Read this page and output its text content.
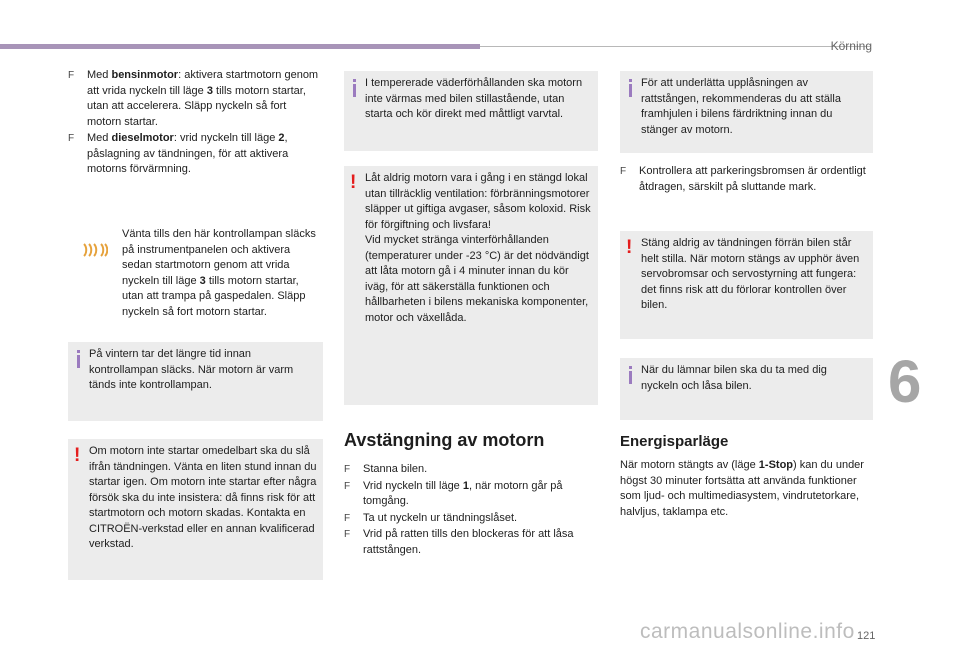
Körning
6
121
carmanualsonline.info
F	Med bensinmotor: aktivera startmotorn genom att vrida nyckeln till läge 3 tills motorn startar, utan att accelerera. Släpp nyckeln så fort motorn startar.
F	Med dieselmotor: vrid nyckeln till läge 2, påslagning av tändningen, för att aktivera motorns förvärmning.
Vänta tills den här kontrollampan släcks på instrumentpanelen och aktivera sedan startmotorn genom att vrida nyckeln till läge 3 tills motorn startar, utan att trampa på gaspedalen. Släpp nyckeln så fort motorn startar.
På vintern tar det längre tid innan kontrollampan släcks. När motorn är varm tänds inte kontrollampan.
! Om motorn inte startar omedelbart ska du slå ifrån tändningen. Vänta en liten stund innan du startar igen. Om motorn inte startar efter några försök ska du inte insistera: då finns risk för att startmotorn och motorn skadas. Kontakta en CITROËN-verkstad eller en annan kvalificerad verkstad.
I tempererade väderförhållanden ska motorn inte värmas med bilen stillastående, utan starta och kör direkt med måttligt varvtal.
! Låt aldrig motorn vara i gång i en stängd lokal utan tillräcklig ventilation: förbränningsmotorer släpper ut giftiga avgaser, såsom koloxid. Risk för förgiftning och livsfara!
Vid mycket stränga vinterförhållanden (temperaturer under -23 °C) är det nödvändigt att låta motorn gå i 4 minuter innan du kör iväg, för att säkerställa funktionen och hållbarheten i bilens mekaniska komponenter, motor och växellåda.
Avstängning av motorn
F	Stanna bilen.
F	Vrid nyckeln till läge 1, när motorn går på tomgång.
F	Ta ut nyckeln ur tändningslåset.
F	Vrid på ratten tills den blockeras för att låsa rattstången.
För att underlätta upplåsningen av rattstången, rekommenderas du att ställa framhjulen i bilens färdriktning innan du stänger av motorn.
F	Kontrollera att parkeringsbromsen är ordentligt åtdragen, särskilt på sluttande mark.
! Stäng aldrig av tändningen förrän bilen står helt stilla. När motorn stängs av upphör även servobromsar och servostyrning att fungera: det finns risk att du förlorar kontrollen över bilen.
När du lämnar bilen ska du ta med dig nyckeln och låsa bilen.
Energisparläge
När motorn stängts av (läge 1-Stop) kan du under högst 30 minuter fortsätta att använda funktioner som ljud- och multimediasystem, vindrutetorkare, halvljus, taklampa etc.
